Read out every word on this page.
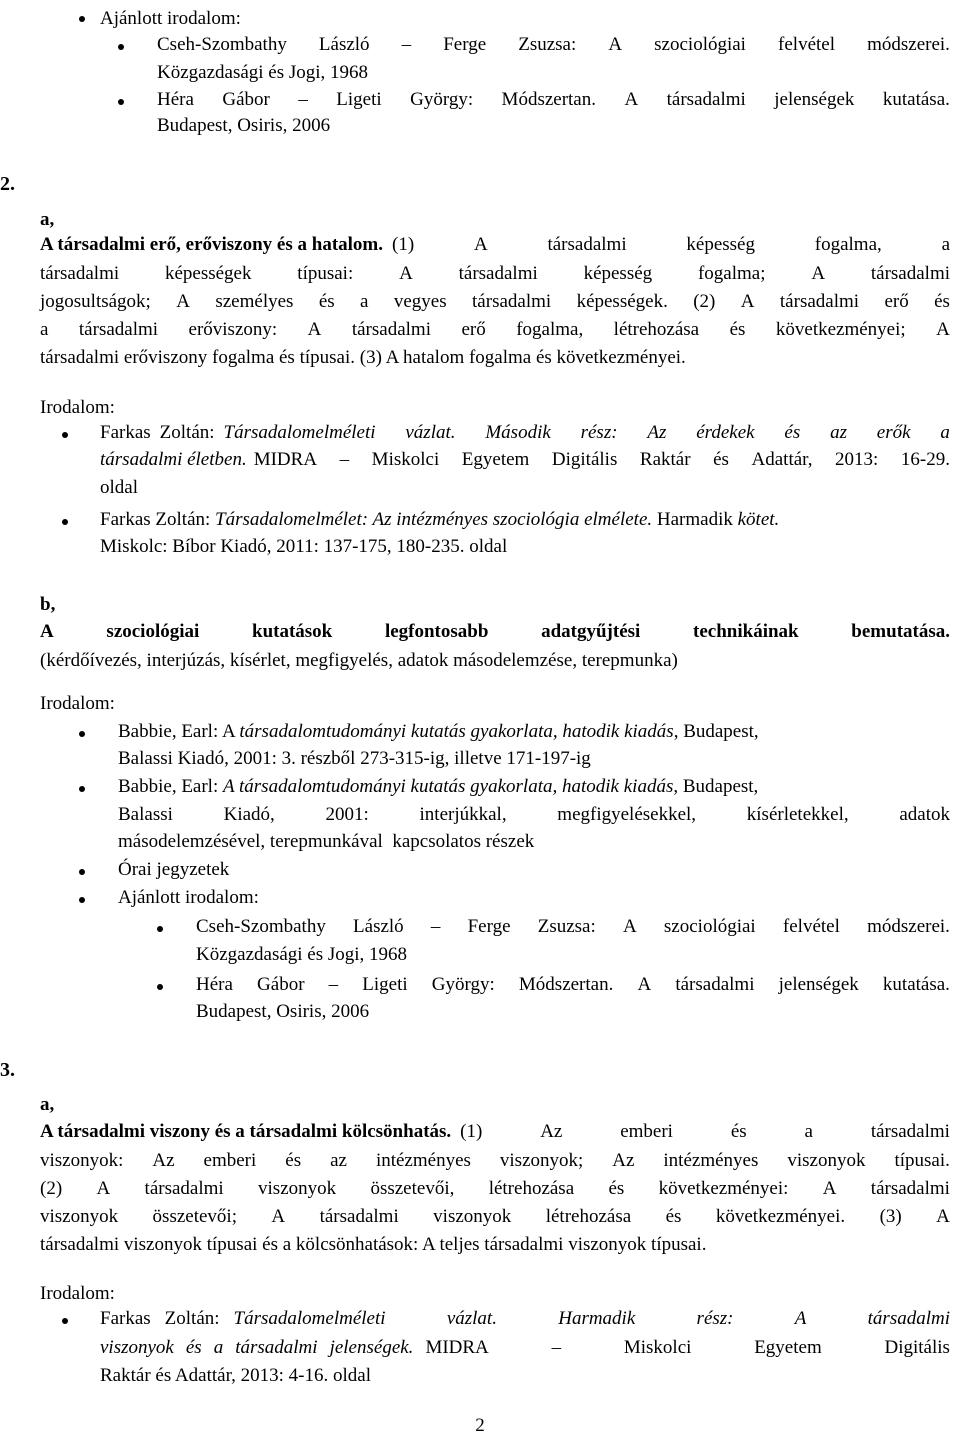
Ajánlott irodalom:
Cseh-Szombathy László – Ferge Zsuzsa: A szociológiai felvétel módszerei.
Közgazdasági és Jogi, 1968
Héra Gábor – Ligeti György: Módszertan. A társadalmi jelenségek kutatása.
Budapest, Osiris, 2006
2.
a,
A társadalmi erő, erőviszony és a hatalom. (1)	A	társadalmi	képesség	fogalma,	a
társadalmi képességek típusai: A társadalmi képesség fogalma; A társadalmi
jogosultságok; A személyes és a vegyes társadalmi képességek. (2) A társadalmi erő és
a társadalmi erőviszony: A társadalmi erő fogalma, létrehozása és következményei; A
társadalmi erőviszony fogalma és típusai. (3) A hatalom fogalma és következményei.
Irodalom:
Farkas Zoltán: Társadalomelméleti vázlat. Második rész: Az érdekek és az erők a
társadalmi életben. MIDRA – Miskolci Egyetem Digitális Raktár és Adattár, 2013: 16-29.
oldal
Farkas Zoltán: Társadalomelmélet: Az intézményes szociológia elmélete. Harmadik kötet.
Miskolc: Bíbor Kiadó, 2011: 137-175, 180-235. oldal
b,
A	szociológiai	kutatások	legfontosabb	adatgyűjtési	technikáinak	bemutatása.
(kérdőívezés, interjúzás, kísérlet, megfigyelés, adatok másodelemzése, terepmunka)
Irodalom:
Babbie, Earl: A társadalomtudományi kutatás gyakorlata, hatodik kiadás , Budapest,
Balassi Kiadó, 2001: 3. részből 273-315-ig, illetve 171-197-ig
Babbie, Earl: A társadalomtudományi kutatás gyakorlata, hatodik kiadás , Budapest,
Balassi	Kiadó,	2001:	interjúkkal,	megfigyelésekkel,	kísérletekkel,	adatok
másodelemzésével, terepmunkával  kapcsolatos részek
Órai jegyzetek
Ajánlott irodalom:
Cseh-Szombathy László – Ferge Zsuzsa: A szociológiai felvétel módszerei.
Közgazdasági és Jogi, 1968
Héra Gábor – Ligeti György: Módszertan. A társadalmi jelenségek kutatása.
Budapest, Osiris, 2006
3.
a,
A társadalmi viszony és a társadalmi kölcsönhatás. (1)	Az	emberi	és	a	társadalmi
viszonyok: Az emberi és az intézményes viszonyok; Az intézményes viszonyok típusai.
(2) A társadalmi viszonyok összetevői, létrehozása és következményei: A társadalmi
viszonyok összetevői; A társadalmi viszonyok létrehozása és következményei. (3) A
társadalmi viszonyok típusai és a kölcsönhatások: A teljes társadalmi viszonyok típusai.
Irodalom:
Farkas Zoltán: Társadalomelméleti	vázlat.	Harmadik	rész:	A	társadalmi
viszonyok és a társadalmi jelenségek. MIDRA	–	Miskolci	Egyetem	Digitális
Raktár és Adattár, 2013: 4-16. oldal
2
